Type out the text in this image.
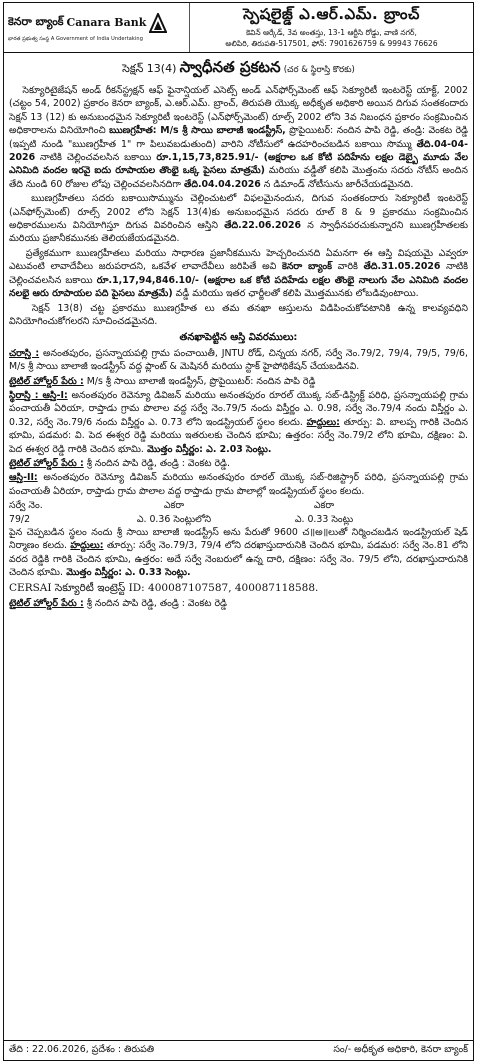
కెనరా బ్యాంక్ Canara Bank
భారత ప్రభుత్వ సంస్థ A Government of India Undertaking
స్పెషలైజ్డ్ ఎ.ఆర్.ఎమ్. బ్రాంచ్
కెవిన్ ఆర్కేడ్, 3వ అంతస్తు, 13-1 ఆర్టీసి రోడ్డు, వాణి నగర్,
అలిపిరి, తిరుపతి-517501, ఫోన్: 7901626759 & 99943 76626
సెక్షన్ 13(4) స్వాధీనత ప్రకటన (చర & స్థిరాస్తి కొరకు)

సెక్యూరిటైజేషన్ అండ్ రీకన్‌స్ట్రక్షన్ ఆఫ్ ఫైనాన్షియల్ ఎసెట్స్ అండ్ ఎన్‌ఫోర్స్‌మెంట్ ఆఫ్ సెక్యూరిటీ ఇంటరెస్ట్ యాక్ట్, 2002 (చట్టం 54, 2002) ప్రకారం కెనరా బ్యాంక్, ఎ.ఆర్.ఎమ్. బ్రాంచ్, తిరుపతి యొక్క అధీకృత అధికారి అయిన దిగువ సంతకందారు సెక్షన్ 13 (12) కు అనుబంధమైన సెక్యూరిటీ ఇంటరెస్ట్ (ఎన్‌ఫోర్స్‌మెంట్) రూల్స్ 2002 లోని 3వ నిబంధన ప్రకారం సంక్రమించిన అధికారాలను వినియోగించి ఋణగ్రహీత: M/s శ్రీ సాయి బాలాజీ ఇండస్ట్రీస్, ప్రొపైయిటర్: నందిన పాపి రెడ్డి, తండ్రి: వెంకట రెడ్డి (ఇప్పటి నుండి "ఋణగ్రహీత 1" గా పిలువబడుతుంది) వారిని నోటీసులో ఉదహరించబడిన బకాయి సొమ్ము తేది.04-04-2026 నాటికి చెల్లించవలసిన బకాయి రూ.1,15,73,825.91/- (అక్షరాల ఒక కోటి పదిహేను లక్షల డెబ్బై మూడు వేల ఎనిమిది వందల ఇరవై ఐదు రూపాయల తొంభై ఒక్క పైసలు మాత్రమే) మరియు వడ్డీతో కలిపి మొత్తంను సదరు నోటీస్ అందిన తేది నుండి 60 రోజుల లోపు చెల్లించవలసినదిగా తేది.04.04.2026 న డిమాండ్ నోటీసును జారీచేయడమైనది.

ఋణగ్రహీతలు సదరు బకాయిసొమ్మును చెల్లించుటలో విఫలమైనందున, దిగువ సంతకందారు సెక్యూరిటీ ఇంటరెస్ట్ (ఎన్‌ఫోర్స్‌మెంట్) రూల్స్ 2002 లోని సెక్షన్ 13(4)కు అనుబంధమైన సదరు రూల్ 8 & 9 ప్రకారము సంక్రమించిన అధికారములను వినియోగిస్తూ దిగువ వివరించిన ఆస్తిని తేది.22.06.2026 న స్వాధీనపరచుకున్నారని ఋణగ్రహీతలకు మరియు ప్రజానీకమునకు తెలియజేయడమైనది.

ప్రత్యేకముగా ఋణగ్రహీతలు మరియు సాధారణ ప్రజానీకమును హెచ్చరించునది ఏమనగా ఈ ఆస్తి విషయమై ఎవ్వరూ ఎటువంటి లావాదేవీలు జరుపరాదని, ఒకవేళ లావాదేవీలు జరిపితే అవి కెనరా బ్యాంక్ వారికి తేది.31.05.2026 నాటికి చెల్లించవలసిన బకాయి రూ.1,17,94,846.10/- (అక్షరాల ఒక కోటి పదిహేడు లక్షల తొంభై నాలుగు వేల ఎనిమిది వందల నలభై ఆరు రూపాయల పది పైసలు మాత్రమే) వడ్డీ మరియు ఇతర ఛార్జీలతో కలిపి మొత్తమునకు లోబడివుంటాయి.

సెక్షన్ 13(8) చట్ట ప్రకారము ఋణగ్రహీత లు తమ తనఖా ఆస్తులను విడిపించుకోవటానికి ఉన్న కాలవ్యవధిని వినియోగించుకోగలరని సూచించడమైనది.

తనఖాపెట్టిన ఆస్తి వివరములు:

చరాస్తి : అనంతపురం, ప్రసన్నాయపల్లి గ్రామ పంచాయితీ, JNTU రోడ్, చిన్నయ నగర్, సర్వే నెం.79/2, 79/4, 79/5, 79/6, M/s శ్రీ సాయి బాలాజీ ఇండస్ట్రీస్ వద్ద ప్లాంట్ & మెషినరీ మరియు స్టాక్ హైపోథికేషన్ చేయబడినవి.

టైటిల్ హోల్డర్ పేరు : M/s శ్రీ సాయి బాలాజీ ఇండస్ట్రీస్, ప్రొపైయిటర్: నందిన పాపి రెడ్డి

స్థిరాస్తి : ఆస్తి-I: అనంతపురం రెవెన్యూ డివిజన్ మరియు అనంతపురం రూరల్ యొక్క సబ్-డిస్ట్రిక్ట్ పరిధి, ప్రసన్నాయపల్లి గ్రామ పంచాయతీ ఏరియా, రాప్తాడు గ్రామ పొలాల వద్ద సర్వే నెం.79/5 నందు విస్తీర్ణం ఎ. 0.98, సర్వే నెం.79/4 నందు విస్తీర్ణం ఎ. 0.32, సర్వే నెం.79/6 నందు విస్తీర్ణం ఎ. 0.73 లోని ఇండస్ట్రియల్ స్థలం కలదు. హద్దులు: తూర్పు: వి. బాలప్ప గారికి చెందిన భూమి, పడమర: వి. పెద ఈశ్వర రెడ్డి మరియు ఇతరులకు చెందిన భూమి; ఉత్తరం: సర్వే నెం.79/2 లోని భూమి, దక్షిణం: వి. పెద ఈశ్వర రెడ్డి గారికి చెందిన భూమి. మొత్తం విస్తీర్ణం: ఎ. 2.03 సెంట్లు.

టైటిల్ హోల్డర్ పేరు : శ్రీ నందిన పాపి రెడ్డి, తండ్రి : వెంకట రెడ్డి.

ఆస్తి-II: అనంతపురం రెవెన్యూ డివిజన్ మరియు అనంతపురం రూరల్ యొక్క సబ్-రిజిస్ట్రార్ పరిధి, ప్రసన్నాయపల్లి గ్రామ పంచాయతీ ఏరియా, రాప్తాడు గ్రామ పొలాల వద్ద రాప్తాడు గ్రామ పొలాల్లో ఇండస్ట్రియల్ స్థలం కలదు.

సర్వే నెం.	ఎకరా	ఎకరా
79/2	ఎ. 0.36 సెంట్లులోని	ఎ. 0.33 సెంట్లు

పైన చెప్పబడిన స్థలం నందు శ్రీ సాయి బాలాజీ ఇండస్ట్రీస్ అను పేరుతో 9600 చ॥అ॥లుతో నిర్మించబడిన ఇండస్ట్రియల్ షెడ్ నిర్మాణం కలదు. హద్దులు: తూర్పు: సర్వే నెం.79/3, 79/4 లోని దరఖాస్తుదారునికి చెందిన భూమి, పడమర: సర్వే నెం.81 లోని వరద రెడ్డికి గారికి చెందిన భూమి, ఉత్తరం: అదే సర్వే నెంబరులో ఉన్న దారి, దక్షిణం: సర్వే నెం. 79/5 లోని, దరఖాస్తుదారునికి చెందిన భూమి. మొత్తం విస్తీర్ణం: ఎ. 0.33 సెంట్లు.

CERSAI సెక్యూరిటీ ఇంట్రెస్ట్ ID: 400087107587, 400087118588.

టైటిల్ హోల్డర్ పేరు : శ్రీ నందిన పాపి రెడ్డి, తండ్రి : వెంకట రెడ్డి

తేది : 22.06.2026, ప్రదేశం : తిరుపతి	సం/- అధీకృత అధికారి, కెనరా బ్యాంక్
